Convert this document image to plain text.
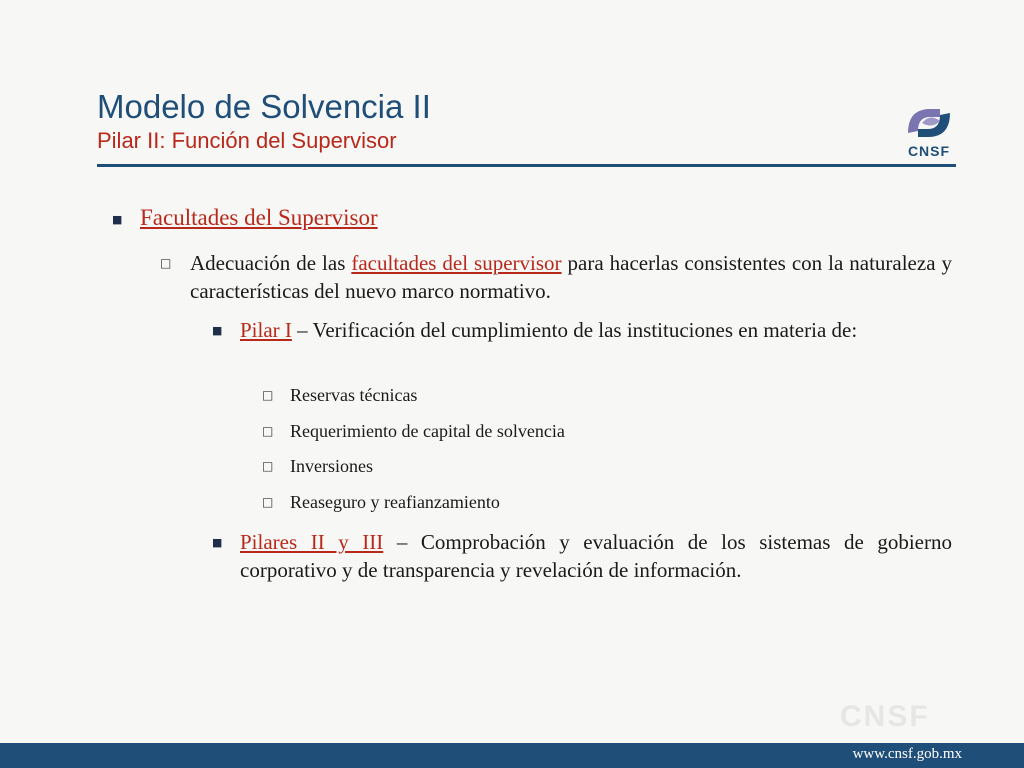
Modelo de Solvencia II
Pilar II: Función del Supervisor	CNSF
■ Facultades del Supervisor
□ Adecuación de las facultades del supervisor para hacerlas consistentes con la naturaleza y características del nuevo marco normativo.
■ Pilar I – Verificación del cumplimiento de las instituciones en materia de:
□ Reservas técnicas
□ Requerimiento de capital de solvencia
□ Inversiones
□ Reaseguro y reafianzamiento
■ Pilares II y III – Comprobación y evaluación de los sistemas de gobierno corporativo y de transparencia y revelación de información.
CNSF
www.cnsf.gob.mx
